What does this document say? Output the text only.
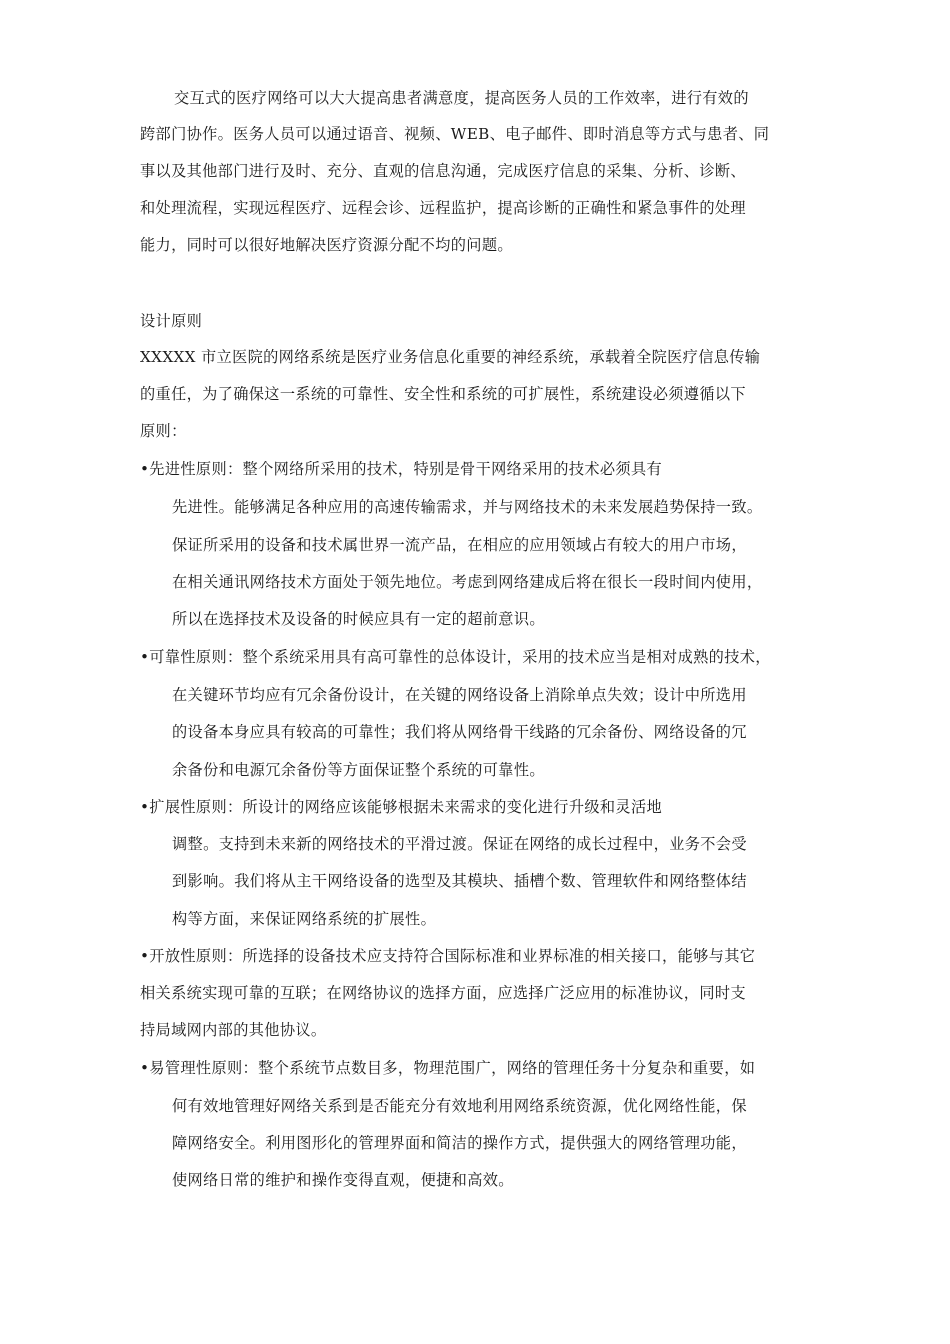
交互式的医疗网络可以大大提高患者满意度，提高医务人员的工作效率，进行有效的
跨部门协作。医务人员可以通过语音、视频、WEB、电子邮件、即时消息等方式与患者、同
事以及其他部门进行及时、充分、直观的信息沟通，完成医疗信息的采集、分析、诊断、
和处理流程，实现远程医疗、远程会诊、远程监护，提高诊断的正确性和紧急事件的处理
能力，同时可以很好地解决医疗资源分配不均的问题。
设计原则
XXXXX 市立医院的网络系统是医疗业务信息化重要的神经系统，承载着全院医疗信息传输
的重任，为了确保这一系统的可靠性、安全性和系统的可扩展性，系统建设必须遵循以下
原则：
•先进性原则：整个网络所采用的技术，特别是骨干网络采用的技术必须具有
先进性。能够满足各种应用的高速传输需求，并与网络技术的未来发展趋势保持一致。
保证所采用的设备和技术属世界一流产品，在相应的应用领域占有较大的用户市场，
在相关通讯网络技术方面处于领先地位。考虑到网络建成后将在很长一段时间内使用，
所以在选择技术及设备的时候应具有一定的超前意识。
•可靠性原则：整个系统采用具有高可靠性的总体设计，采用的技术应当是相对成熟的技术，
在关键环节均应有冗余备份设计，在关键的网络设备上消除单点失效；设计中所选用
的设备本身应具有较高的可靠性；我们将从网络骨干线路的冗余备份、网络设备的冗
余备份和电源冗余备份等方面保证整个系统的可靠性。
•扩展性原则：所设计的网络应该能够根据未来需求的变化进行升级和灵活地
调整。支持到未来新的网络技术的平滑过渡。保证在网络的成长过程中，业务不会受
到影响。我们将从主干网络设备的选型及其模块、插槽个数、管理软件和网络整体结
构等方面，来保证网络系统的扩展性。
•开放性原则：所选择的设备技术应支持符合国际标准和业界标准的相关接口，能够与其它
相关系统实现可靠的互联；在网络协议的选择方面，应选择广泛应用的标准协议，同时支
持局域网内部的其他协议。
•易管理性原则：整个系统节点数目多，物理范围广，网络的管理任务十分复杂和重要，如
何有效地管理好网络关系到是否能充分有效地利用网络系统资源，优化网络性能，保
障网络安全。利用图形化的管理界面和简洁的操作方式，提供强大的网络管理功能，
使网络日常的维护和操作变得直观，便捷和高效。
